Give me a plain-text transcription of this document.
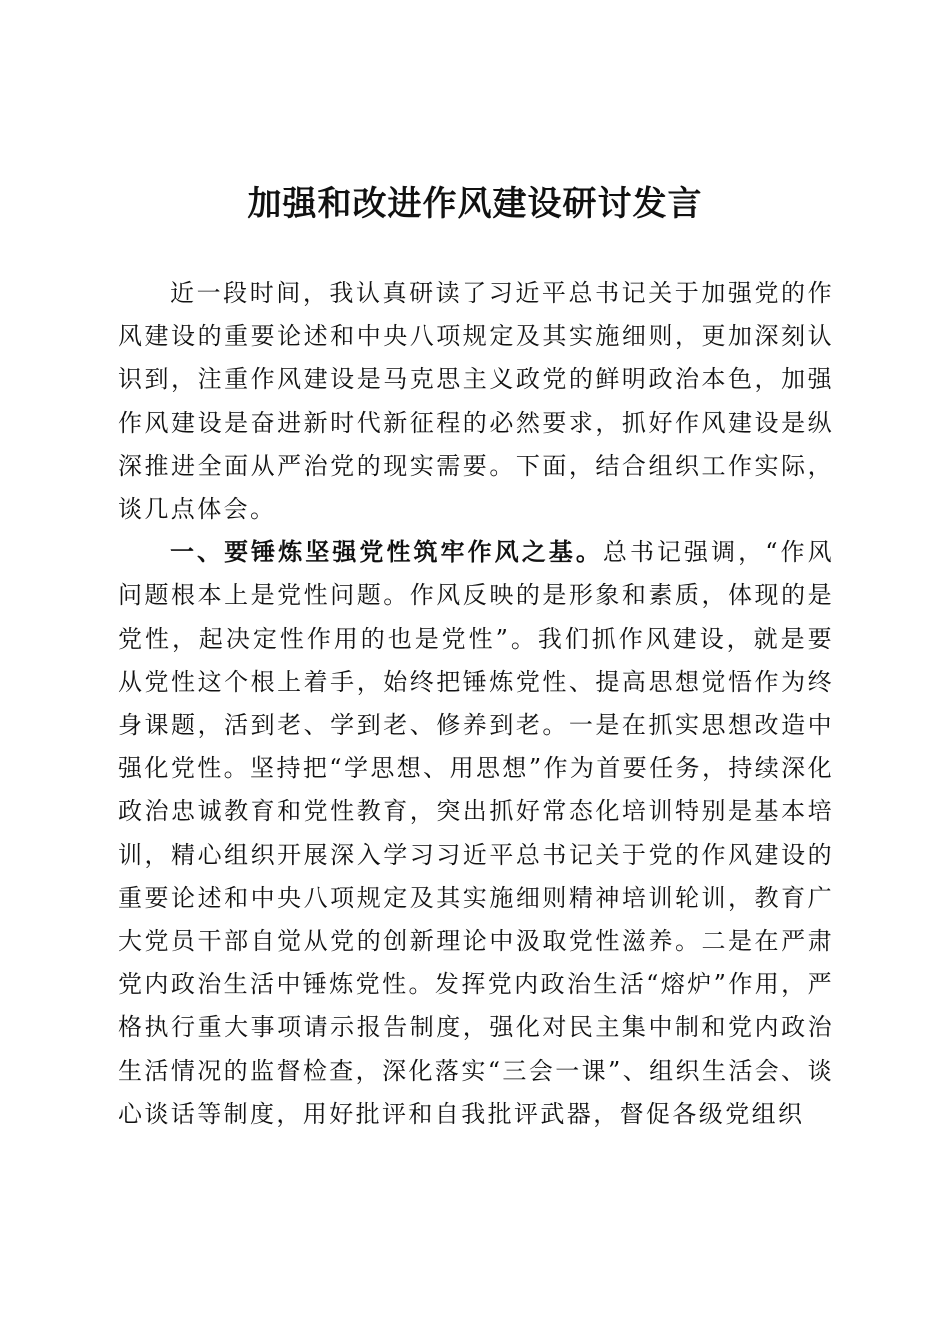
加强和改进作风建设研讨发言

近一段时间，我认真研读了习近平总书记关于加强党的作风建设的重要论述和中央八项规定及其实施细则，更加深刻认识到，注重作风建设是马克思主义政党的鲜明政治本色，加强作风建设是奋进新时代新征程的必然要求，抓好作风建设是纵深推进全面从严治党的现实需要。下面，结合组织工作实际，谈几点体会。

一、要锤炼坚强党性筑牢作风之基。总书记强调，“作风问题根本上是党性问题。作风反映的是形象和素质，体现的是党性，起决定性作用的也是党性”。我们抓作风建设，就是要从党性这个根上着手，始终把锤炼党性、提高思想觉悟作为终身课题，活到老、学到老、修养到老。一是在抓实思想改造中强化党性。坚持把“学思想、用思想”作为首要任务，持续深化政治忠诚教育和党性教育，突出抓好常态化培训特别是基本培训，精心组织开展深入学习习近平总书记关于党的作风建设的重要论述和中央八项规定及其实施细则精神培训轮训，教育广大党员干部自觉从党的创新理论中汲取党性滋养。二是在严肃党内政治生活中锤炼党性。发挥党内政治生活“熔炉”作用，严格执行重大事项请示报告制度，强化对民主集中制和党内政治生活情况的监督检查，深化落实“三会一课”、组织生活会、谈心谈话等制度，用好批评和自我批评武器，督促各级党组织
